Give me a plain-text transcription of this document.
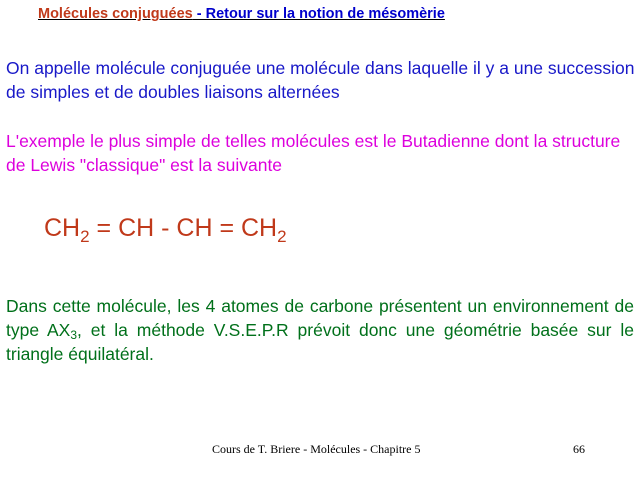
Molécules conjuguées - Retour sur la notion de mésomèrie

On appelle molécule conjuguée une molécule dans laquelle il y a une succession de simples et de doubles liaisons alternées

L'exemple le plus simple de telles molécules est le Butadienne dont la structure de Lewis "classique" est la suivante

$CH_2$ = CH - CH = $CH_2$

Dans cette molécule, les 4 atomes de carbone présentent un environnement de type $AX_3$, et la méthode V.S.E.P.R prévoit donc une géométrie basée sur le triangle équilatéral.

Cours de T. Briere - Molécules - Chapitre 5	66
